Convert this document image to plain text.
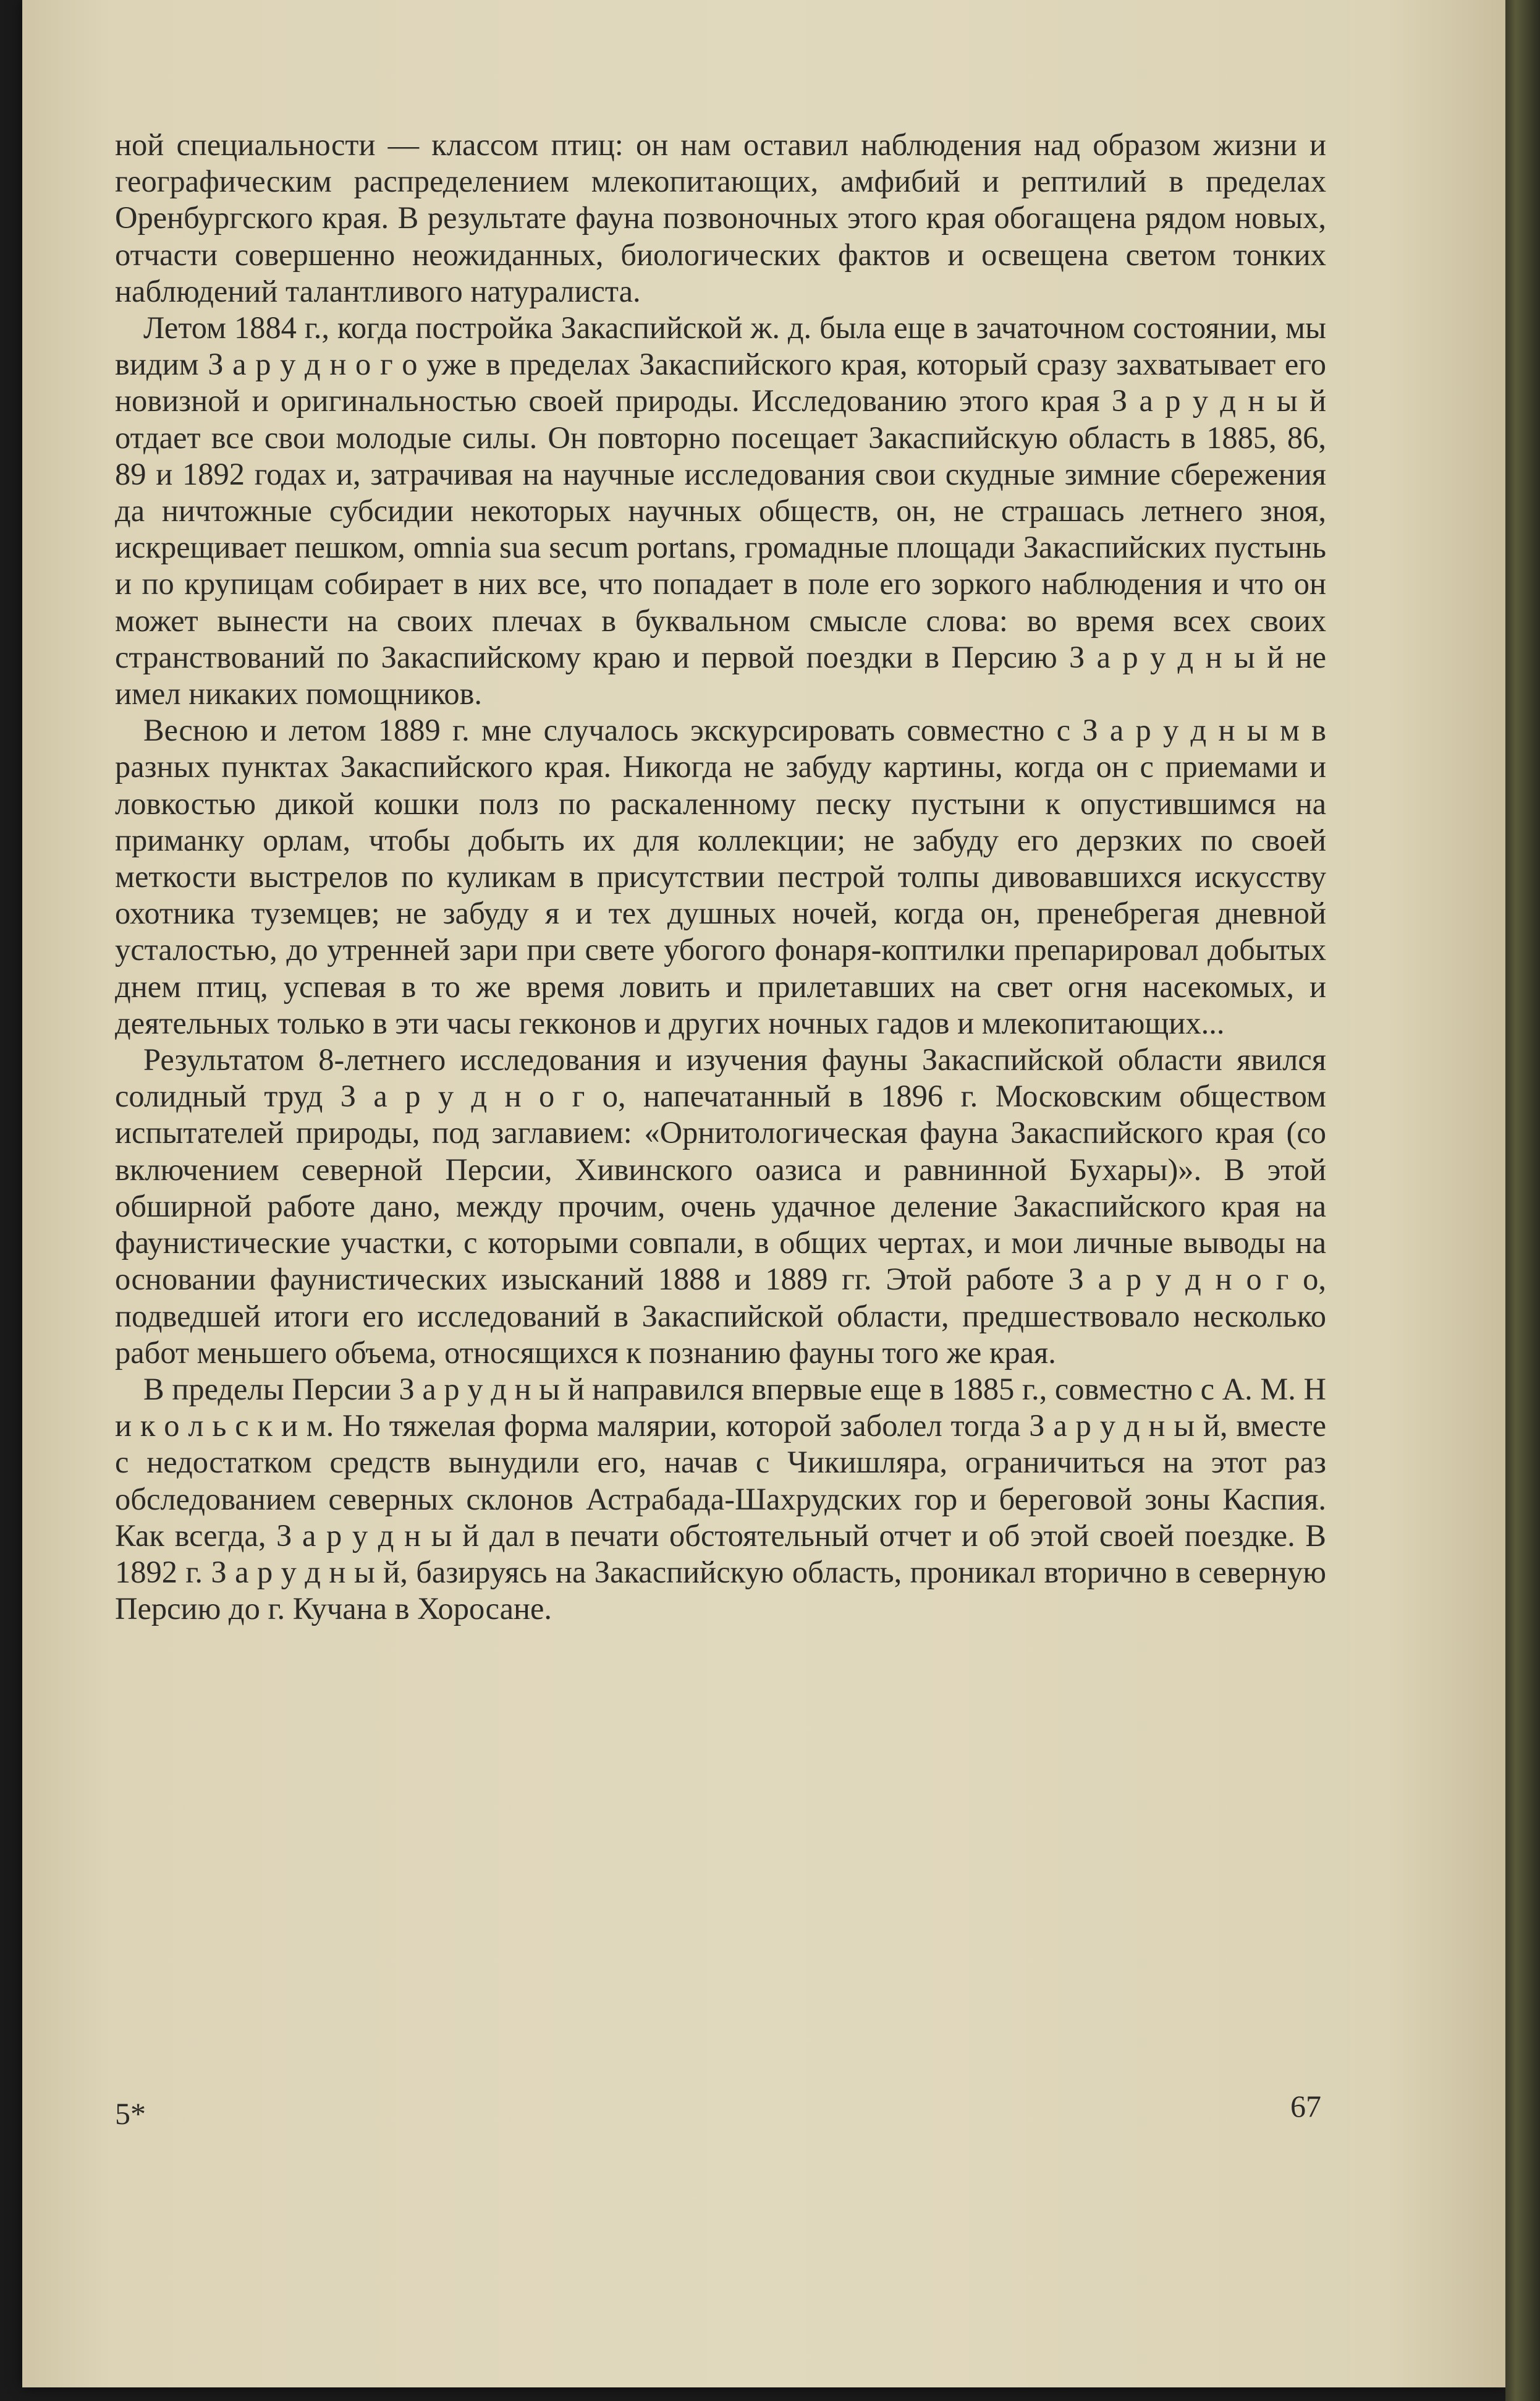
ной специальности — классом птиц: он нам оставил наблюдения над образом жизни и географическим распределением млекопитающих, амфибий и рептилий в пределах Оренбургского края. В результате фауна позвоночных этого края обогащена рядом новых, отчасти совершенно неожиданных, биологических фактов и освещена светом тонких наблюдений талантливого натуралиста.

Летом 1884 г., когда постройка Закаспийской ж. д. была еще в зачаточном состоянии, мы видим З а р у д н о г о уже в пределах Закаспийского края, который сразу захватывает его новизной и оригинальностью своей природы. Исследованию этого края З а р у д н ы й отдает все свои молодые силы. Он повторно посещает Закаспийскую область в 1885, 86, 89 и 1892 годах и, затрачивая на научные исследования свои скудные зимние сбережения да ничтожные субсидии некоторых научных обществ, он, не страшась летнего зноя, искрещивает пешком, omnia sua secum portans, громадные площади Закаспийских пустынь и по крупицам собирает в них все, что попадает в поле его зоркого наблюдения и что он может вынести на своих плечах в буквальном смысле слова: во время всех своих странствований по Закаспийскому краю и первой поездки в Персию З а р у д н ы й не имел никаких помощников.

Весною и летом 1889 г. мне случалось экскурсировать совместно с З а р у д н ы м в разных пунктах Закаспийского края. Никогда не забуду картины, когда он с приемами и ловкостью дикой кошки полз по раскаленному песку пустыни к опустившимся на приманку орлам, чтобы добыть их для коллекции; не забуду его дерзких по своей меткости выстрелов по куликам в присутствии пестрой толпы дивовавшихся искусству охотника туземцев; не забуду я и тех душных ночей, когда он, пренебрегая дневной усталостью, до утренней зари при свете убогого фонаря-коптилки препарировал добытых днем птиц, успевая в то же время ловить и прилетавших на свет огня насекомых, и деятельных только в эти часы гекконов и других ночных гадов и млекопитающих...

Результатом 8-летнего исследования и изучения фауны Закаспийской области явился солидный труд З а р у д н о г о, напечатанный в 1896 г. Московским обществом испытателей природы, под заглавием: «Орнитологическая фауна Закаспийского края (со включением северной Персии, Хивинского оазиса и равнинной Бухары)». В этой обширной работе дано, между прочим, очень удачное деление Закаспийского края на фаунистические участки, с которыми совпали, в общих чертах, и мои личные выводы на основании фаунистических изысканий 1888 и 1889 гг. Этой работе З а р у д н о г о, подведшей итоги его исследований в Закаспийской области, предшествовало несколько работ меньшего объема, относящихся к познанию фауны того же края.

В пределы Персии З а р у д н ы й направился впервые еще в 1885 г., совместно с А. М. Н и к о л ь с к и м. Но тяжелая форма малярии, которой заболел тогда З а р у д н ы й, вместе с недостатком средств вынудили его, начав с Чикишляра, ограничиться на этот раз обследованием северных склонов Астрабада-Шахрудских гор и береговой зоны Каспия. Как всегда, З а р у д н ы й дал в печати обстоятельный отчет и об этой своей поездке. В 1892 г. З а р у д н ы й, базируясь на Закаспийскую область, проникал вторично в северную Персию до г. Кучана в Хоросане.

5*	67
